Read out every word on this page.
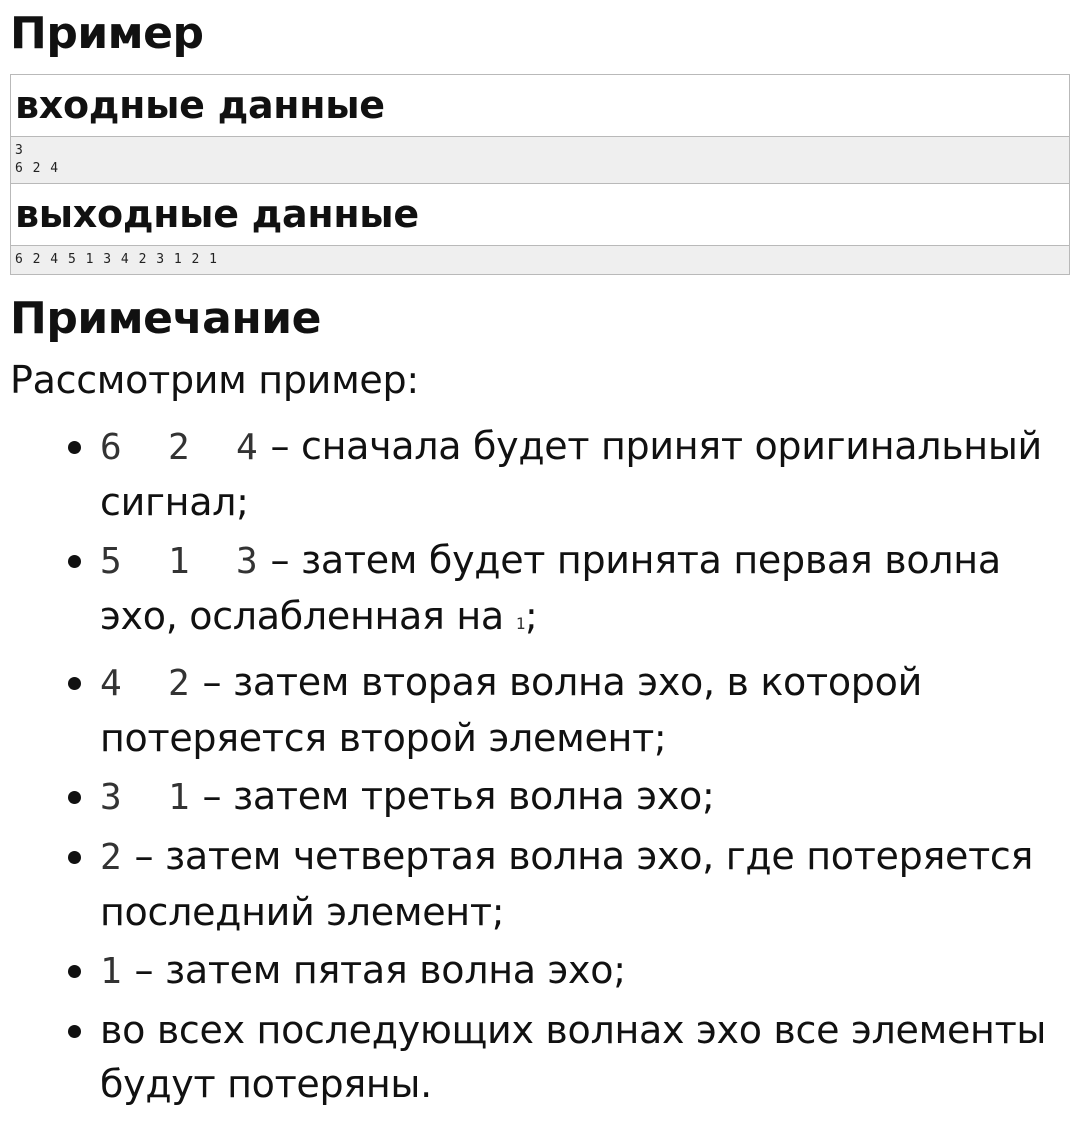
Пример
входные данные
3
6 2 4
выходные данные
6 2 4 5 1 3 4 2 3 1 2 1
Примечание
Рассмотрим пример:
6  2  4 – сначала будет принят оригинальный сигнал;
5  1  3 – затем будет принята первая волна эхо, ослабленная на 1;
4  2 – затем вторая волна эхо, в которой потеряется второй элемент;
3  1 – затем третья волна эхо;
2 – затем четвертая волна эхо, где потеряется последний элемент;
1 – затем пятая волна эхо;
во всех последующих волнах эхо все элементы будут потеряны.
